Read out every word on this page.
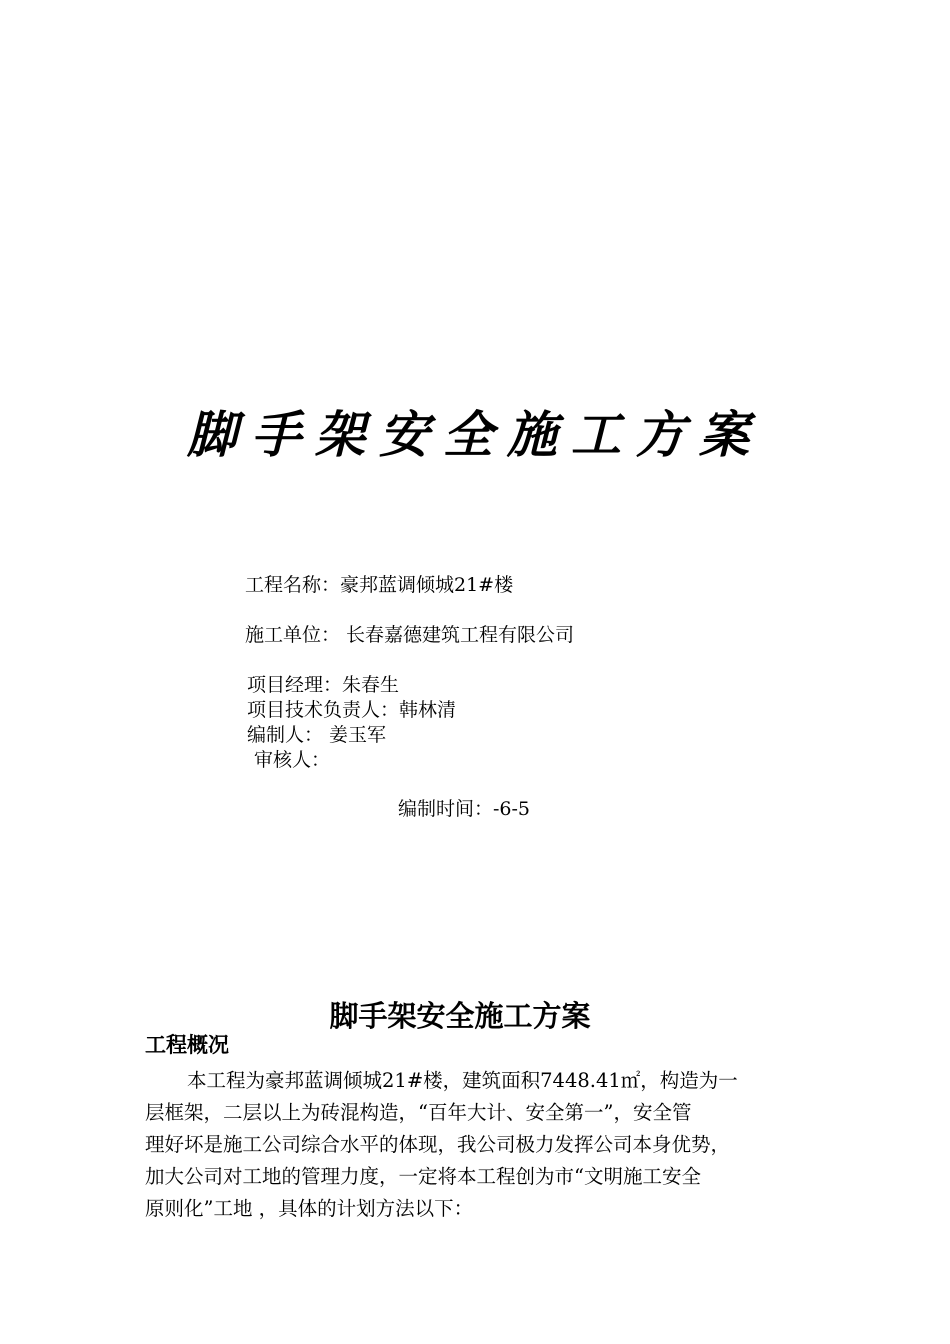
脚手架安全施工方案
工程名称：豪邦蓝调倾城21#楼
施工单位： 长春嘉德建筑工程有限公司
项目经理：朱春生
项目技术负责人：韩林清
编制人： 姜玉军
审核人：
编制时间：-6-5
脚手架安全施工方案
工程概况
本工程为豪邦蓝调倾城21#楼，建筑面积7448.41㎡，构造为一
层框架，二层以上为砖混构造，“百年大计、安全第一”，安全管
理好坏是施工公司综合水平的体现，我公司极力发挥公司本身优势，
加大公司对工地的管理力度，一定将本工程创为市“文明施工安全
原则化”工地 ，具体的计划方法以下：
